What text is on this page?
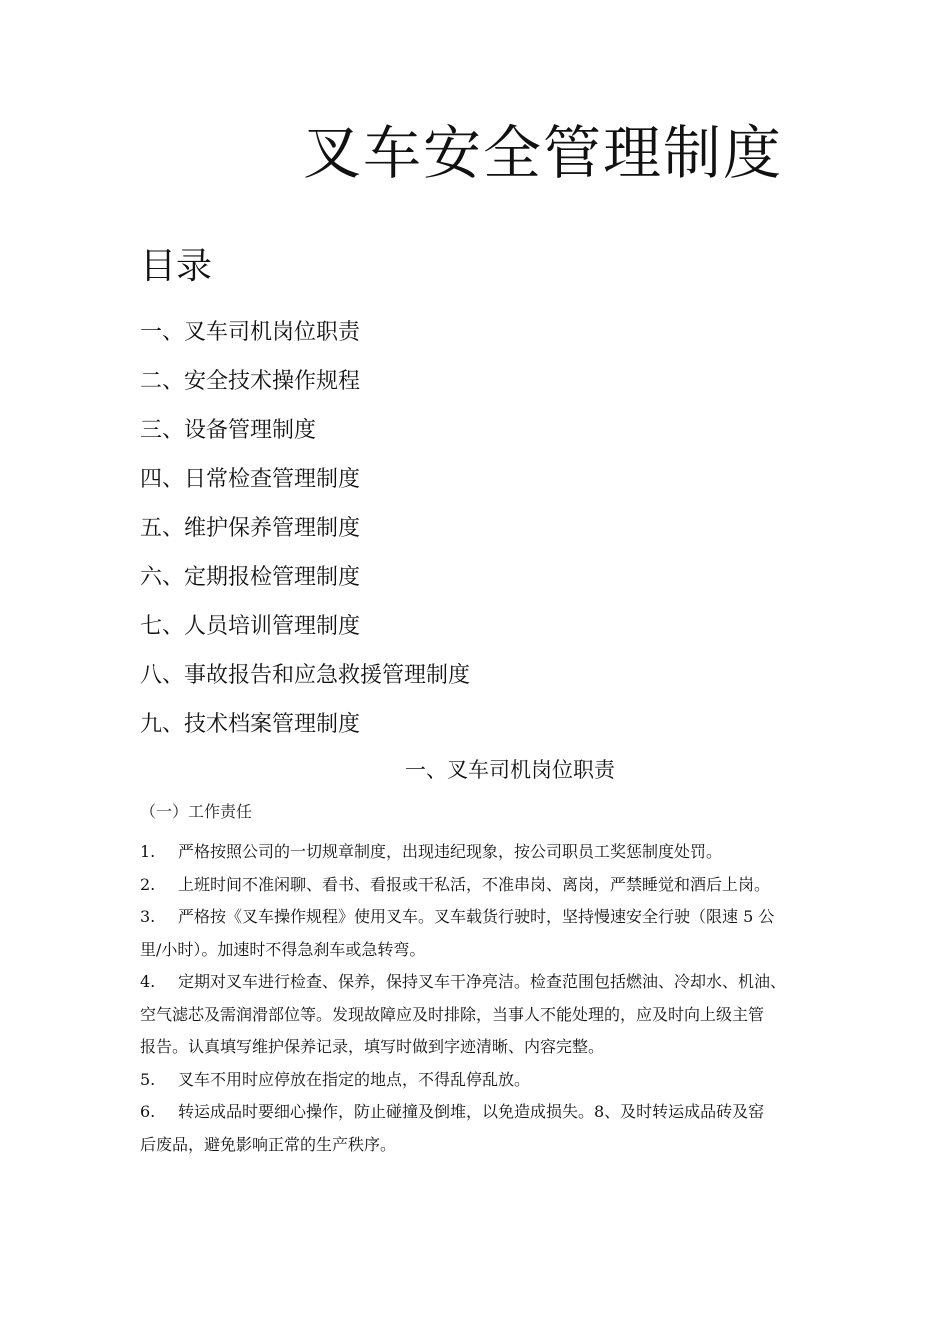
叉车安全管理制度
目录
一、叉车司机岗位职责
二、安全技术操作规程
三、设备管理制度
四、日常检查管理制度
五、维护保养管理制度
六、定期报检管理制度
七、人员培训管理制度
八、事故报告和应急救援管理制度
九、技术档案管理制度
一、叉车司机岗位职责
（一）工作责任
1. 严格按照公司的一切规章制度，出现违纪现象，按公司职员工奖惩制度处罚。
2. 上班时间不准闲聊、看书、看报或干私活，不准串岗、离岗，严禁睡觉和酒后上岗。
3. 严格按《叉车操作规程》使用叉车。叉车载货行驶时，坚持慢速安全行驶（限速 5 公
里/小时）。加速时不得急刹车或急转弯。
4. 定期对叉车进行检查、保养，保持叉车干净亮洁。检查范围包括燃油、冷却水、机油、
空气滤芯及需润滑部位等。发现故障应及时排除，当事人不能处理的，应及时向上级主管
报告。认真填写维护保养记录，填写时做到字迹清晰、内容完整。
5. 叉车不用时应停放在指定的地点，不得乱停乱放。
6. 转运成品时要细心操作，防止碰撞及倒堆，以免造成损失。8、及时转运成品砖及窑
后废品，避免影响正常的生产秩序。
